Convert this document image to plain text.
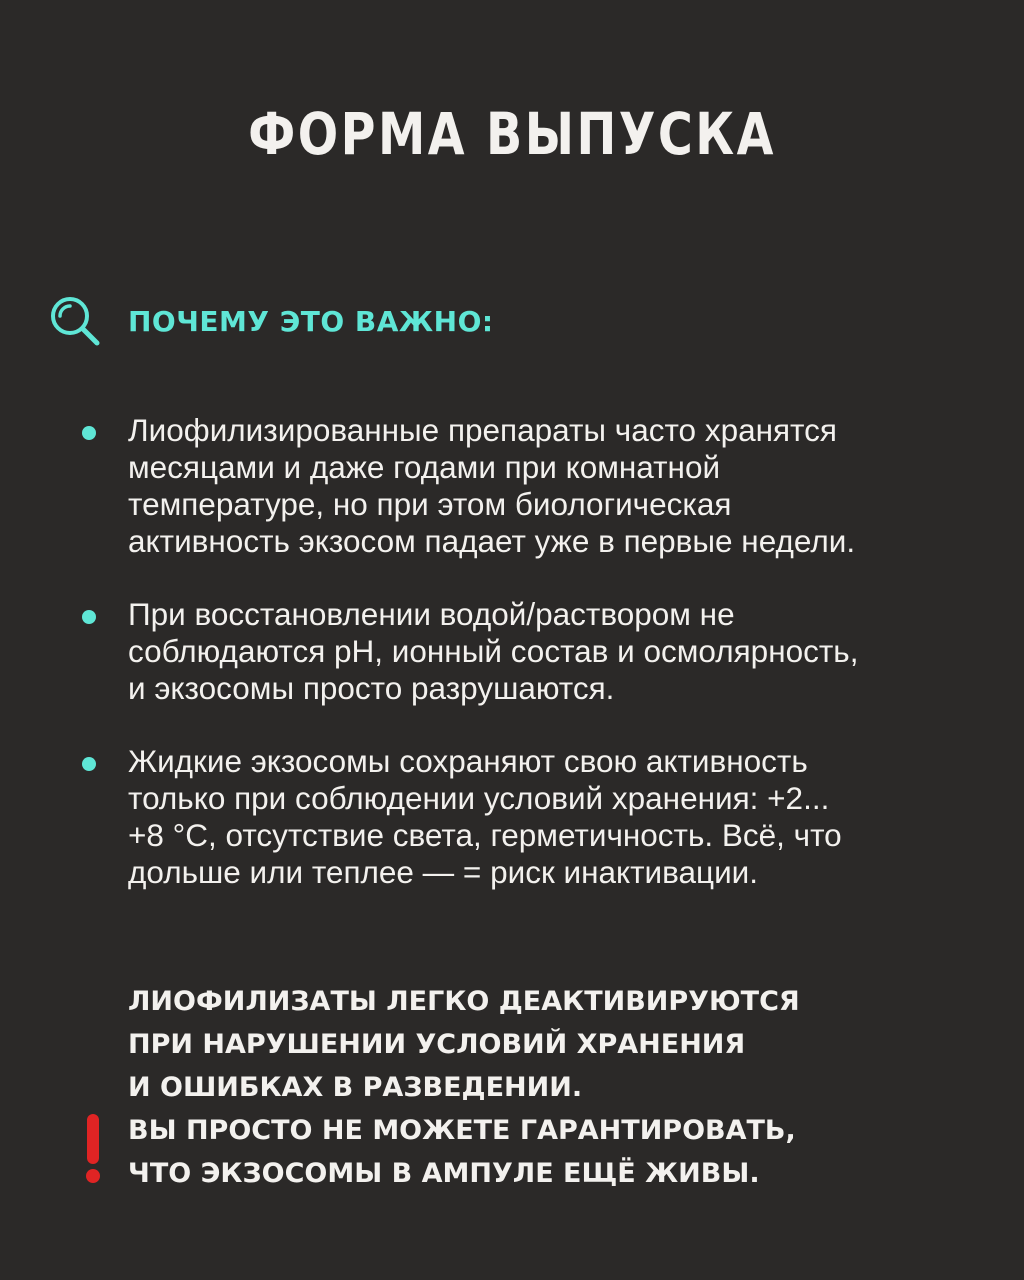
ФОРМА ВЫПУСКА
ПОЧЕМУ ЭТО ВАЖНО:
Лиофилизированные препараты часто хранятся
месяцами и даже годами при комнатной
температуре, но при этом биологическая
активность экзосом падает уже в первые недели.
При восстановлении водой/раствором не
соблюдаются pH, ионный состав и осмолярность,
и экзосомы просто разрушаются.
Жидкие экзосомы сохраняют свою активность
только при соблюдении условий хранения: +2...
+8 °C, отсутствие света, герметичность. Всё, что
дольше или теплее — = риск инактивации.
ЛИОФИЛИЗАТЫ ЛЕГКО ДЕАКТИВИРУЮТСЯ
ПРИ НАРУШЕНИИ УСЛОВИЙ ХРАНЕНИЯ
И ОШИБКАХ В РАЗВЕДЕНИИ.
ВЫ ПРОСТО НЕ МОЖЕТЕ ГАРАНТИРОВАТЬ,
ЧТО ЭКЗОСОМЫ В АМПУЛЕ ЕЩЁ ЖИВЫ.
